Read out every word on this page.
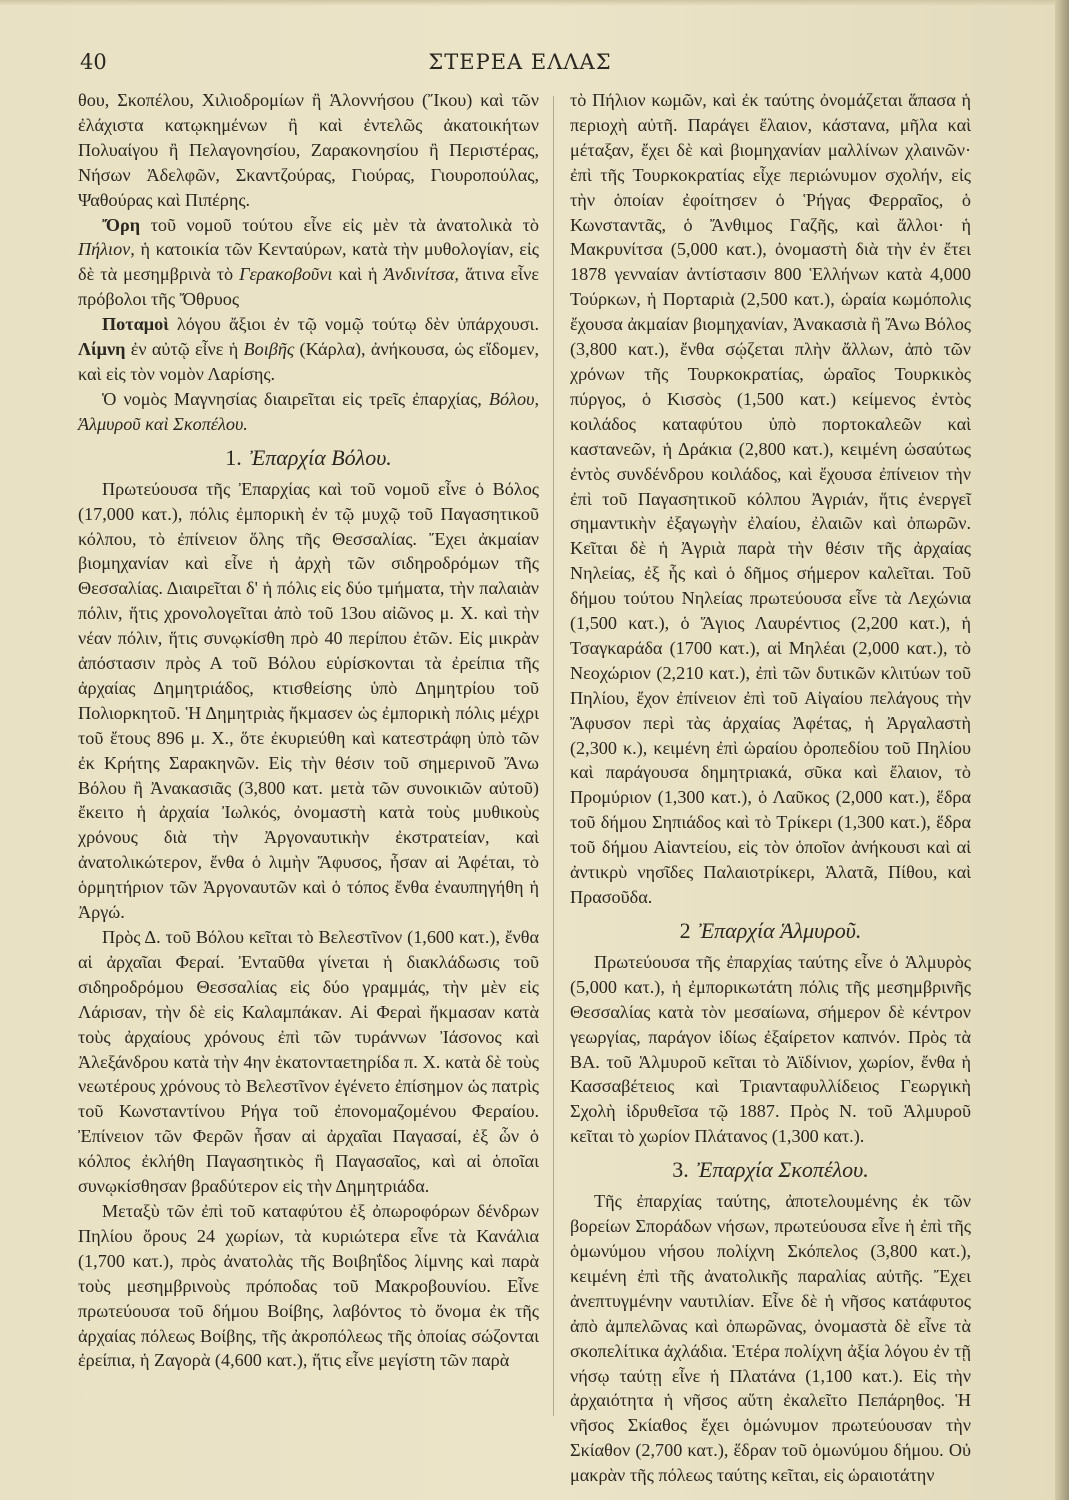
40	ΣΤΕΡΕΑ ΕΛΛΑΣ

θου, Σκοπέλου, Χιλιοδρομίων ἢ Ἁλοννήσου (Ἴκου) καὶ τῶν ἐλάχιστα κατῳκημένων ἢ καὶ ἐντελῶς ἀκατοικήτων Πολυαίγου ἢ Πελαγονησίου, Ζαρακονησίου ἢ Περιστέρας, Νήσων Ἀδελφῶν, Σκαντζούρας, Γιούρας, Γιουροπούλας, Ψαθούρας καὶ Πιπέρης.

Ὄρη τοῦ νομοῦ τούτου εἶνε εἰς μὲν τὰ ἀνατολικὰ τὸ Πήλιον, ἡ κατοικία τῶν Κενταύρων, κατὰ τὴν μυθολογίαν, εἰς δὲ τὰ μεσημβρινὰ τὸ Γερακοβοῦνι καὶ ἡ Ἀνδινίτσα, ἅτινα εἶνε πρόβολοι τῆς Ὄθρυος

Ποταμοὶ λόγου ἄξιοι ἐν τῷ νομῷ τούτῳ δὲν ὑπάρχουσι. Λίμνη ἐν αὐτῷ εἶνε ἡ Βοιβῆς (Κάρλα), ἀνήκουσα, ὡς εἴδομεν, καὶ εἰς τὸν νομὸν Λαρίσης.

Ὁ νομὸς Μαγνησίας διαιρεῖται εἰς τρεῖς ἐπαρχίας, Βόλου, Ἁλμυροῦ καὶ Σκοπέλου.

1. Ἐπαρχία Βόλου.

Πρωτεύουσα τῆς Ἐπαρχίας καὶ τοῦ νομοῦ εἶνε ὁ Βόλος (17,000 κατ.), πόλις ἐμπορικὴ ἐν τῷ μυχῷ τοῦ Παγασητικοῦ κόλπου, τὸ ἐπίνειον ὅλης τῆς Θεσσαλίας. Ἔχει ἀκμαίαν βιομηχανίαν καὶ εἶνε ἡ ἀρχὴ τῶν σιδηροδρόμων τῆς Θεσσαλίας. Διαιρεῖται δ' ἡ πόλις εἰς δύο τμήματα, τὴν παλαιὰν πόλιν, ἥτις χρονολογεῖται ἀπὸ τοῦ 13ου αἰῶνος μ. Χ. καὶ τὴν νέαν πόλιν, ἥτις συνῳκίσθη πρὸ 40 περίπου ἐτῶν. Εἰς μικρὰν ἀπόστασιν πρὸς Α τοῦ Βόλου εὑρίσκονται τὰ ἐρείπια τῆς ἀρχαίας Δημητριάδος, κτισθείσης ὑπὸ Δημητρίου τοῦ Πολιορκητοῦ. Ἡ Δημητριὰς ἤκμασεν ὡς ἐμπορικὴ πόλις μέχρι τοῦ ἔτους 896 μ. Χ., ὅτε ἐκυριεύθη καὶ κατεστράφη ὑπὸ τῶν ἐκ Κρήτης Σαρακηνῶν. Εἰς τὴν θέσιν τοῦ σημερινοῦ Ἄνω Βόλου ἢ Ἀνακασιᾶς (3,800 κατ. μετὰ τῶν συνοικιῶν αὐτοῦ) ἔκειτο ἡ ἀρχαία Ἰωλκός, ὀνομαστὴ κατὰ τοὺς μυθικοὺς χρόνους διὰ τὴν Ἀργοναυτικὴν ἐκστρατείαν, καὶ ἀνατολικώτερον, ἔνθα ὁ λιμὴν Ἄφυσος, ἦσαν αἱ Ἀφέται, τὸ ὁρμητήριον τῶν Ἀργοναυτῶν καὶ ὁ τόπος ἔνθα ἐναυπηγήθη ἡ Ἀργώ.

Πρὸς Δ. τοῦ Βόλου κεῖται τὸ Βελεστῖνον (1,600 κατ.), ἔνθα αἱ ἀρχαῖαι Φεραί. Ἐνταῦθα γίνεται ἡ διακλάδωσις τοῦ σιδηροδρόμου Θεσσαλίας εἰς δύο γραμμάς, τὴν μὲν εἰς Λάρισαν, τὴν δὲ εἰς Καλαμπάκαν. Αἱ Φεραὶ ἤκμασαν κατὰ τοὺς ἀρχαίους χρόνους ἐπὶ τῶν τυράννων Ἰάσονος καὶ Ἀλεξάνδρου κατὰ τὴν 4ην ἑκατονταετηρίδα π. Χ. κατὰ δὲ τοὺς νεωτέρους χρόνους τὸ Βελεστῖνον ἐγένετο ἐπίσημον ὡς πατρὶς τοῦ Κωνσταντίνου Ρήγα τοῦ ἐπονομαζομένου Φεραίου. Ἐπίνειον τῶν Φερῶν ἦσαν αἱ ἀρχαῖαι Παγασαί, ἐξ ὧν ὁ κόλπος ἐκλήθη Παγασητικὸς ἢ Παγασαῖος, καὶ αἱ ὁποῖαι συνῳκίσθησαν βραδύτερον εἰς τὴν Δημητριάδα.

Μεταξὺ τῶν ἐπὶ τοῦ καταφύτου ἐξ ὀπωροφόρων δένδρων Πηλίου ὄρους 24 χωρίων, τὰ κυριώτερα εἶνε τὰ Κανάλια (1,700 κατ.), πρὸς ἀνατολὰς τῆς Βοιβηΐδος λίμνης καὶ παρὰ τοὺς μεσημβρινοὺς πρόποδας τοῦ Μακροβουνίου. Εἶνε πρωτεύουσα τοῦ δήμου Βοίβης, λαβόντος τὸ ὄνομα ἐκ τῆς ἀρχαίας πόλεως Βοίβης, τῆς ἀκροπόλεως τῆς ὁποίας σώζονται ἐρείπια, ἡ Ζαγορὰ (4,600 κατ.), ἥτις εἶνε μεγίστη τῶν παρὰ

τὸ Πήλιον κωμῶν, καὶ ἐκ ταύτης ὀνομάζεται ἅπασα ἡ περιοχὴ αὐτῆ. Παράγει ἔλαιον, κάστανα, μῆλα καὶ μέταξαν, ἔχει δὲ καὶ βιομηχανίαν μαλλίνων χλαινῶν· ἐπὶ τῆς Τουρκοκρατίας εἶχε περιώνυμον σχολήν, εἰς τὴν ὁποίαν ἐφοίτησεν ὁ Ῥήγας Φερραῖος, ὁ Κωνσταντᾶς, ὁ Ἄνθιμος Γαζῆς, καὶ ἄλλοι· ἡ Μακρυνίτσα (5,000 κατ.), ὀνομαστὴ διὰ τὴν ἐν ἔτει 1878 γενναίαν ἀντίστασιν 800 Ἑλλήνων κατὰ 4,000 Τούρκων, ἡ Πορταριὰ (2,500 κατ.), ὡραία κωμόπολις ἔχουσα ἀκμαίαν βιομηχανίαν, Ἀνακασιὰ ἢ Ἄνω Βόλος (3,800 κατ.), ἔνθα σῴζεται πλὴν ἄλλων, ἀπὸ τῶν χρόνων τῆς Τουρκοκρατίας, ὡραῖος Τουρκικὸς πύργος, ὁ Κισσὸς (1,500 κατ.) κείμενος ἐντὸς κοιλάδος καταφύτου ὑπὸ πορτοκαλεῶν καὶ καστανεῶν, ἡ Δράκια (2,800 κατ.), κειμένη ὡσαύτως ἐντὸς συνδένδρου κοιλάδος, καὶ ἔχουσα ἐπίνειον τὴν ἐπὶ τοῦ Παγασητικοῦ κόλπου Ἀγριάν, ἥτις ἐνεργεῖ σημαντικὴν ἐξαγωγὴν ἐλαίου, ἐλαιῶν καὶ ὀπωρῶν. Κεῖται δὲ ἡ Ἀγριὰ παρὰ τὴν θέσιν τῆς ἀρχαίας Νηλείας, ἐξ ἧς καὶ ὁ δῆμος σήμερον καλεῖται. Τοῦ δήμου τούτου Νηλείας πρωτεύουσα εἶνε τὰ Λεχώνια (1,500 κατ.), ὁ Ἅγιος Λαυρέντιος (2,200 κατ.), ἡ Τσαγκαράδα (1700 κατ.), αἱ Μηλέαι (2,000 κατ.), τὸ Νεοχώριον (2,210 κατ.), ἐπὶ τῶν δυτικῶν κλιτύων τοῦ Πηλίου, ἔχον ἐπίνειον ἐπὶ τοῦ Αἰγαίου πελάγους τὴν Ἄφυσον περὶ τὰς ἀρχαίας Ἀφέτας, ἡ Ἀργαλαστὴ (2,300 κ.), κειμένη ἐπὶ ὡραίου ὀροπεδίου τοῦ Πηλίου καὶ παράγουσα δημητριακά, σῦκα καὶ ἔλαιον, τὸ Προμύριον (1,300 κατ.), ὁ Λαῦκος (2,000 κατ.), ἕδρα τοῦ δήμου Σηπιάδος καὶ τὸ Τρίκερι (1,300 κατ.), ἕδρα τοῦ δήμου Αἰαντείου, εἰς τὸν ὁποῖον ἀνήκουσι καὶ αἱ ἀντικρὺ νησῖδες Παλαιοτρίκερι, Ἁλατᾶ, Πίθου, καὶ Πρασοῦδα.

2 Ἐπαρχία Ἁλμυροῦ.

Πρωτεύουσα τῆς ἐπαρχίας ταύτης εἶνε ὁ Ἁλμυρὸς (5,000 κατ.), ἡ ἐμπορικωτάτη πόλις τῆς μεσημβρινῆς Θεσσαλίας κατὰ τὸν μεσαίωνα, σήμερον δὲ κέντρον γεωργίας, παράγον ἰδίως ἐξαίρετον καπνόν. Πρὸς τὰ ΒΑ. τοῦ Ἁλμυροῦ κεῖται τὸ Ἀϊδίνιον, χωρίον, ἔνθα ἡ Κασσαβέτειος καὶ Τριανταφυλλίδειος Γεωργικὴ Σχολὴ ἱδρυθεῖσα τῷ 1887. Πρὸς Ν. τοῦ Ἁλμυροῦ κεῖται τὸ χωρίον Πλάτανος (1,300 κατ.).

3. Ἐπαρχία Σκοπέλου.

Τῆς ἐπαρχίας ταύτης, ἀποτελουμένης ἐκ τῶν βορείων Σποράδων νήσων, πρωτεύουσα εἶνε ἡ ἐπὶ τῆς ὁμωνύμου νήσου πολίχνη Σκόπελος (3,800 κατ.), κειμένη ἐπὶ τῆς ἀνατολικῆς παραλίας αὐτῆς. Ἔχει ἀνεπτυγμένην ναυτιλίαν. Εἶνε δὲ ἡ νῆσος κατάφυτος ἀπὸ ἀμπελῶνας καὶ ὀπωρῶνας, ὀνομαστὰ δὲ εἶνε τὰ σκοπελίτικα ἀχλάδια. Ἑτέρα πολίχνη ἀξία λόγου ἐν τῇ νήσῳ ταύτῃ εἶνε ἡ Πλατάνα (1,100 κατ.). Εἰς τὴν ἀρχαιότητα ἡ νῆσος αὕτη ἐκαλεῖτο Πεπάρηθος. Ἡ νῆσος Σκίαθος ἔχει ὁμώνυμον πρωτεύουσαν τὴν Σκίαθον (2,700 κατ.), ἕδραν τοῦ ὁμωνύμου δήμου. Οὐ μακρὰν τῆς πόλεως ταύτης κεῖται, εἰς ὡραιοτάτην
